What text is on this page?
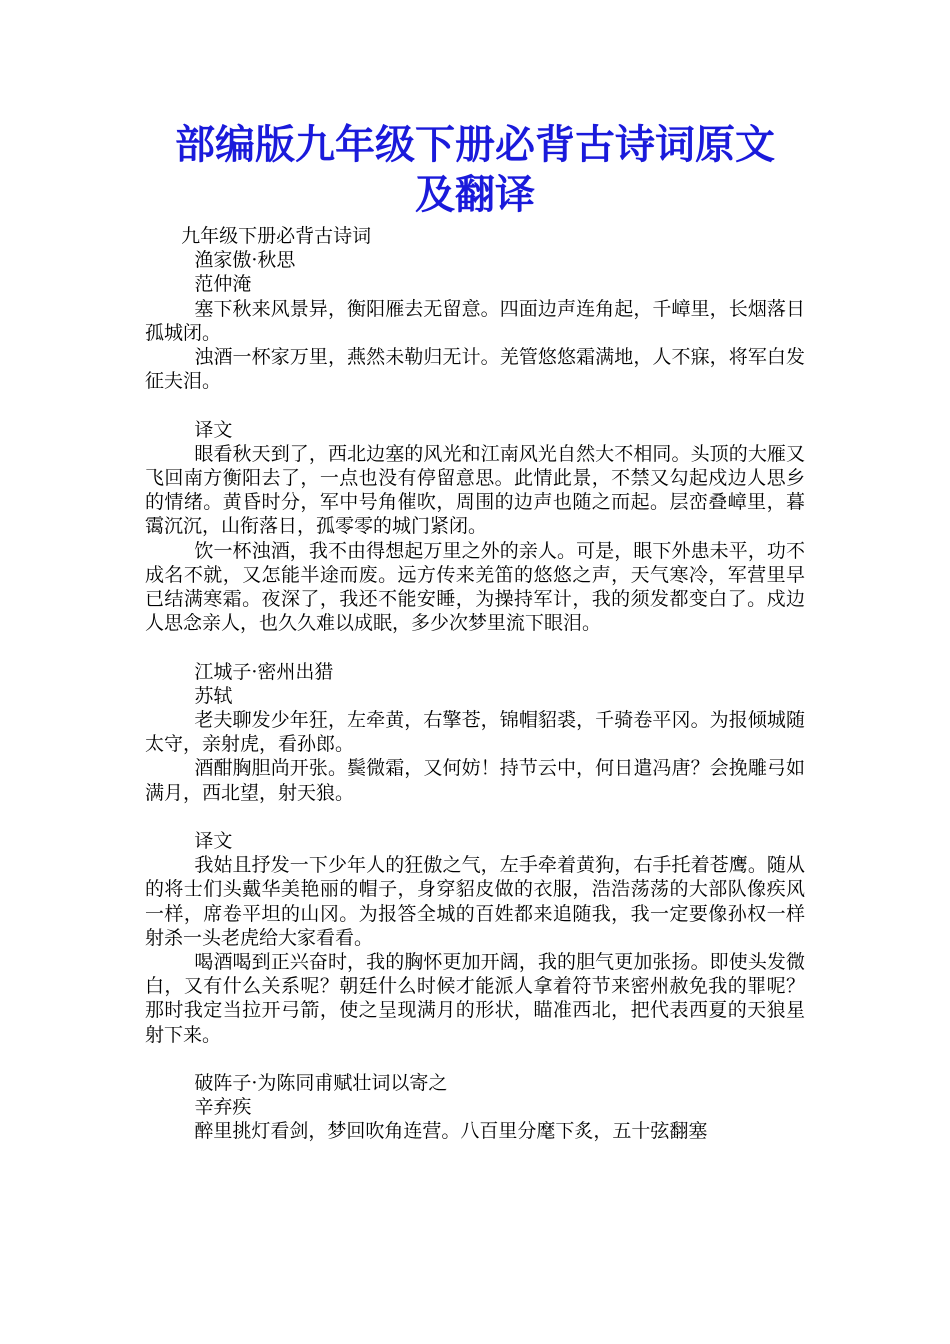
部编版九年级下册必背古诗词原文
及翻译

九年级下册必背古诗词

渔家傲·秋思

范仲淹

塞下秋来风景异，衡阳雁去无留意。四面边声连角起，千嶂里，长烟落日孤城闭。

浊酒一杯家万里，燕然未勒归无计。羌管悠悠霜满地，人不寐，将军白发征夫泪。

译文

眼看秋天到了，西北边塞的风光和江南风光自然大不相同。头顶的大雁又飞回南方衡阳去了，一点也没有停留意思。此情此景，不禁又勾起戍边人思乡的情绪。黄昏时分，军中号角催吹，周围的边声也随之而起。层峦叠嶂里，暮霭沉沉，山衔落日，孤零零的城门紧闭。

饮一杯浊酒，我不由得想起万里之外的亲人。可是，眼下外患未平，功不成名不就，又怎能半途而废。远方传来羌笛的悠悠之声，天气寒冷，军营里早已结满寒霜。夜深了，我还不能安睡，为操持军计，我的须发都变白了。戍边人思念亲人，也久久难以成眠，多少次梦里流下眼泪。

江城子·密州出猎

苏轼

老夫聊发少年狂，左牵黄，右擎苍，锦帽貂裘，千骑卷平冈。为报倾城随太守，亲射虎，看孙郎。

酒酣胸胆尚开张。鬓微霜，又何妨！持节云中，何日遣冯唐？会挽雕弓如满月，西北望，射天狼。

译文

我姑且抒发一下少年人的狂傲之气，左手牵着黄狗，右手托着苍鹰。随从的将士们头戴华美艳丽的帽子，身穿貂皮做的衣服，浩浩荡荡的大部队像疾风一样，席卷平坦的山冈。为报答全城的百姓都来追随我，我一定要像孙权一样射杀一头老虎给大家看看。

喝酒喝到正兴奋时，我的胸怀更加开阔，我的胆气更加张扬。即使头发微白，又有什么关系呢？朝廷什么时候才能派人拿着符节来密州赦免我的罪呢？那时我定当拉开弓箭，使之呈现满月的形状，瞄准西北，把代表西夏的天狼星射下来。

破阵子·为陈同甫赋壮词以寄之

辛弃疾

醉里挑灯看剑，梦回吹角连营。八百里分麾下炙，五十弦翻塞
